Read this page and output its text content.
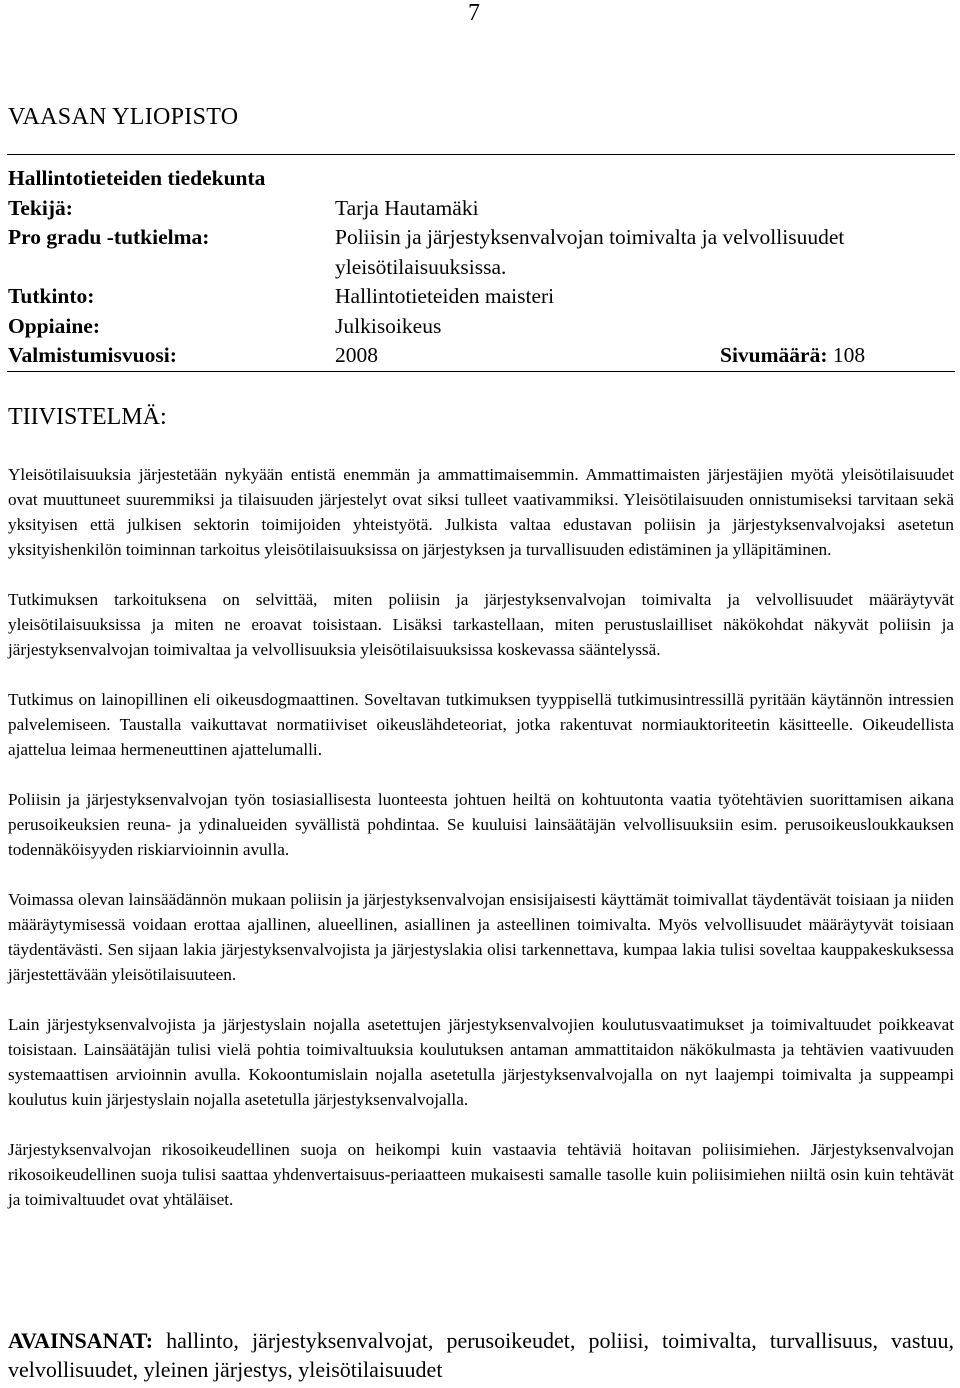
7
VAASAN YLIOPISTO
Hallintotieteiden tiedekunta
Tekijä:	Tarja Hautamäki
Pro gradu -tutkielma:	Poliisin ja järjestyksenvalvojan toimivalta ja velvollisuudet
yleisötilaisuuksissa.
Tutkinto:	Hallintotieteiden maisteri
Oppiaine:	Julkisoikeus
Valmistumisvuosi:	2008	Sivumäärä: 108
TIIVISTELMÄ:

Yleisötilaisuuksia järjestetään nykyään entistä enemmän ja ammattimaisemmin. Ammattimaisten järjestäjien myötä yleisötilaisuudet ovat muuttuneet suuremmiksi ja tilaisuuden järjestelyt ovat siksi tulleet vaativammiksi. Yleisötilaisuuden onnistumiseksi tarvitaan sekä yksityisen että julkisen sektorin toimijoiden yhteistyötä. Julkista valtaa edustavan poliisin ja järjestyksenvalvojaksi asetetun yksityishenkilön toiminnan tarkoitus yleisötilaisuuksissa on järjestyksen ja turvallisuuden edistäminen ja ylläpitäminen.

Tutkimuksen tarkoituksena on selvittää, miten poliisin ja järjestyksenvalvojan toimivalta ja velvollisuudet määräytyvät yleisötilaisuuksissa ja miten ne eroavat toisistaan. Lisäksi tarkastellaan, miten perustuslailliset näkökohdat näkyvät poliisin ja järjestyksenvalvojan toimivaltaa ja velvollisuuksia yleisötilaisuuksissa koskevassa sääntelyssä.

Tutkimus on lainopillinen eli oikeusdogmaattinen. Soveltavan tutkimuksen tyyppisellä tutkimusintressillä pyritään käytännön intressien palvelemiseen. Taustalla vaikuttavat normatiiviset oikeuslähdeteoriat, jotka rakentuvat normiauktoriteetin käsitteelle. Oikeudellista ajattelua leimaa hermeneuttinen ajattelumalli.

Poliisin ja järjestyksenvalvojan työn tosiasiallisesta luonteesta johtuen heiltä on kohtuutonta vaatia työtehtävien suorittamisen aikana perusoikeuksien reuna- ja ydinalueiden syvällistä pohdintaa. Se kuuluisi lainsäätäjän velvollisuuksiin esim. perusoikeusloukkauksen todennäköisyyden riskiarvioinnin avulla.

Voimassa olevan lainsäädännön mukaan poliisin ja järjestyksenvalvojan ensisijaisesti käyttämät toimivallat täydentävät toisiaan ja niiden määräytymisessä voidaan erottaa ajallinen, alueellinen, asiallinen ja asteellinen toimivalta. Myös velvollisuudet määräytyvät toisiaan täydentävästi. Sen sijaan lakia järjestyksenvalvojista ja järjestyslakia olisi tarkennettava, kumpaa lakia tulisi soveltaa kauppakeskuksessa järjestettävään yleisötilaisuuteen.

Lain järjestyksenvalvojista ja järjestyslain nojalla asetettujen järjestyksenvalvojien koulutusvaatimukset ja toimivaltuudet poikkeavat toisistaan. Lainsäätäjän tulisi vielä pohtia toimivaltuuksia koulutuksen antaman ammattitaidon näkökulmasta ja tehtävien vaativuuden systemaattisen arvioinnin avulla. Kokoontumislain nojalla asetetulla järjestyksenvalvojalla on nyt laajempi toimivalta ja suppeampi koulutus kuin järjestyslain nojalla asetetulla järjestyksenvalvojalla.

Järjestyksenvalvojan rikosoikeudellinen suoja on heikompi kuin vastaavia tehtäviä hoitavan poliisimiehen. Järjestyksenvalvojan rikosoikeudellinen suoja tulisi saattaa yhdenvertaisuus-periaatteen mukaisesti samalle tasolle kuin poliisimiehen niiltä osin kuin tehtävät ja toimivaltuudet ovat yhtäläiset.

AVAINSANAT: hallinto, järjestyksenvalvojat, perusoikeudet, poliisi, toimivalta, turvallisuus, vastuu, velvollisuudet, yleinen järjestys, yleisötilaisuudet
